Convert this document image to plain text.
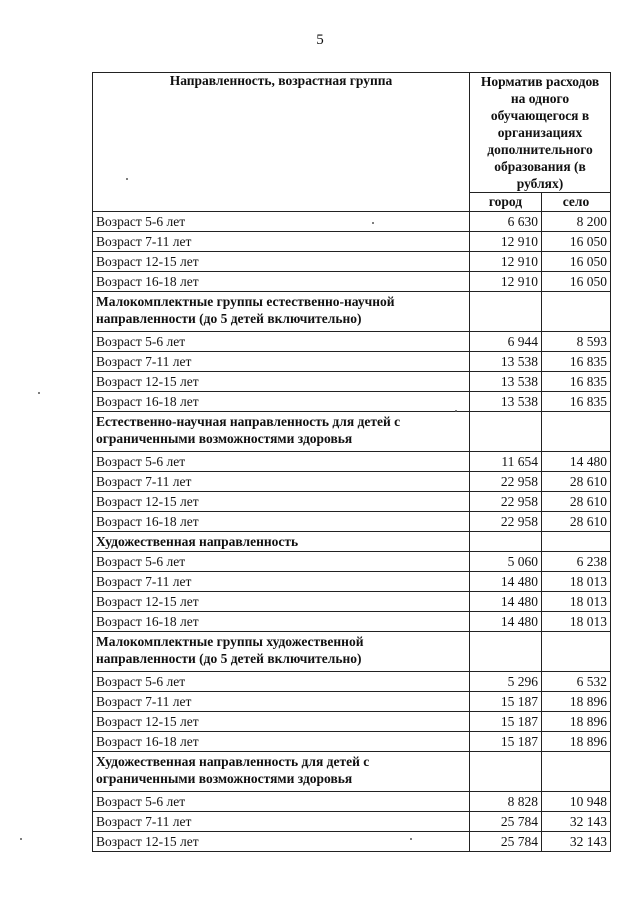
5
Направленность, возрастная группа	Норматив расходов на одного обучающегося в организациях дополнительного образования (в рублях)	
	город	село
Возраст 5-6 лет	6 630	8 200
Возраст 7-11 лет	12 910	16 050
Возраст 12-15 лет	12 910	16 050
Возраст 16-18 лет	12 910	16 050
Малокомплектные группы естественно-научной направленности (до 5 детей включительно)		
Возраст 5-6 лет	6 944	8 593
Возраст 7-11 лет	13 538	16 835
Возраст 12-15 лет	13 538	16 835
Возраст 16-18 лет	13 538	16 835
Естественно-научная направленность для детей с ограниченными возможностями здоровья		
Возраст 5-6 лет	11 654	14 480
Возраст 7-11 лет	22 958	28 610
Возраст 12-15 лет	22 958	28 610
Возраст 16-18 лет	22 958	28 610
Художественная направленность		
Возраст 5-6 лет	5 060	6 238
Возраст 7-11 лет	14 480	18 013
Возраст 12-15 лет	14 480	18 013
Возраст 16-18 лет	14 480	18 013
Малокомплектные группы художественной направленности (до 5 детей включительно)		
Возраст 5-6 лет	5 296	6 532
Возраст 7-11 лет	15 187	18 896
Возраст 12-15 лет	15 187	18 896
Возраст 16-18 лет	15 187	18 896
Художественная направленность для детей с ограниченными возможностями здоровья		
Возраст 5-6 лет	8 828	10 948
Возраст 7-11 лет	25 784	32 143
Возраст 12-15 лет	25 784	32 143
